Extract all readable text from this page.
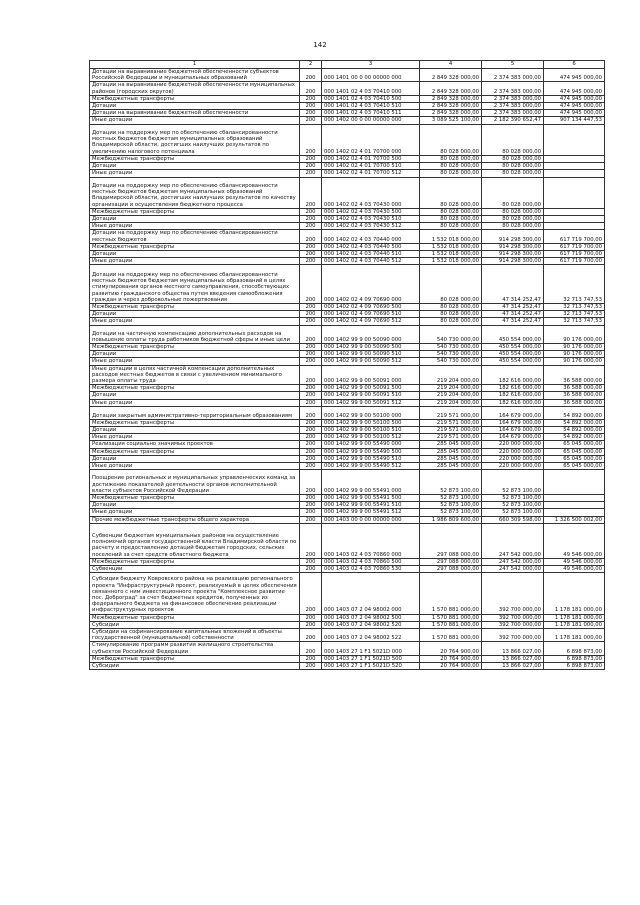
142
1	2	3	4	5	6
Дотации на выравнивание бюджетной обеспеченности субъектов Российской Федерации и муниципальных образований	200	000 1401 00 0 00 00000 000	2 849 328 000,00	2 374 383 000,00	474 945 000,00
Дотации на выравнивание бюджетной обеспеченности муниципальных районов (городских округов)	200	000 1401 02 4 03 70410 000	2 849 328 000,00	2 374 383 000,00	474 945 000,00
Межбюджетные трансферты	200	000 1401 02 4 03 70410 500	2 849 328 000,00	2 374 383 000,00	474 945 000,00
Дотации	200	000 1401 02 4 03 70410 510	2 849 328 000,00	2 374 383 000,00	474 945 000,00
Дотации на выравнивание бюджетной обеспеченности	200	000 1401 02 4 03 70410 511	2 849 328 000,00	2 374 383 000,00	474 945 000,00
Иные дотации	200	000 1402 00 0 00 00000 000	3 089 525 100,00	2 182 390 652,47	907 134 447,53
Дотации на поддержку мер по обеспечению сбалансированности местных бюджетов бюджетам муниципальных образований Владимирской области, достигших наилучших результатов по увеличению налогового потенциала	200	000 1402 02 4 01 70700 000	80 028 000,00	80 028 000,00	
Межбюджетные трансферты	200	000 1402 02 4 01 70700 500	80 028 000,00	80 028 000,00	
Дотации	200	000 1402 02 4 01 70700 510	80 028 000,00	80 028 000,00	
Иные дотации	200	000 1402 02 4 01 70700 512	80 028 000,00	80 028 000,00	
Дотации на поддержку мер по обеспечению сбалансированности местных бюджетов бюджетам муниципальных образований Владимирской области, достигших наилучших результатов по качеству организации и осуществления бюджетного процесса	200	000 1402 02 4 03 70430 000	80 028 000,00	80 028 000,00	
Межбюджетные трансферты	200	000 1402 02 4 03 70430 500	80 028 000,00	80 028 000,00	
Дотации	200	000 1402 02 4 03 70430 510	80 028 000,00	80 028 000,00	
Иные дотации	200	000 1402 02 4 03 70430 512	80 028 000,00	80 028 000,00	
Дотации на поддержку мер по обеспечению сбалансированности местных бюджетов	200	000 1402 02 4 03 70440 000	1 532 018 000,00	914 298 300,00	617 719 700,00
Межбюджетные трансферты	200	000 1402 02 4 03 70440 500	1 532 018 000,00	914 298 300,00	617 719 700,00
Дотации	200	000 1402 02 4 03 70440 510	1 532 018 000,00	914 298 300,00	617 719 700,00
Иные дотации	200	000 1402 02 4 03 70440 512	1 532 018 000,00	914 298 300,00	617 719 700,00
Дотации на поддержку мер по обеспечению сбалансированности местных бюджетов бюджетам муниципальных образований в целях стимулирования органов местного самоуправления, способствующих развитию гражданского общества путем введения самообложения граждан и через добровольные пожертвования	200	000 1402 02 4 09 70690 000	80 028 000,00	47 314 252,47	32 713 747,53
Межбюджетные трансферты	200	000 1402 02 4 09 70690 500	80 028 000,00	47 314 252,47	32 713 747,53
Дотации	200	000 1402 02 4 09 70690 510	80 028 000,00	47 314 252,47	32 713 747,53
Иные дотации	200	000 1402 02 4 09 70690 512	80 028 000,00	47 314 252,47	32 713 747,53
Дотации на частичную компенсацию дополнительных расходов на повышение оплаты труда работников бюджетной сферы и иные цели	200	000 1402 99 9 00 50090 000	540 730 000,00	450 554 000,00	90 176 000,00
Межбюджетные трансферты	200	000 1402 99 9 00 50090 500	540 730 000,00	450 554 000,00	90 176 000,00
Дотации	200	000 1402 99 9 00 50090 510	540 730 000,00	450 554 000,00	90 176 000,00
Иные дотации	200	000 1402 99 9 00 50090 512	540 730 000,00	450 554 000,00	90 176 000,00
Иные дотации в целях частичной компенсации дополнительных расходов местных бюджетов в связи с увеличением минимального размера оплаты труда	200	000 1402 99 9 00 50091 000	219 204 000,00	182 616 000,00	36 588 000,00
Межбюджетные трансферты	200	000 1402 99 9 00 50091 500	219 204 000,00	182 616 000,00	36 588 000,00
Дотации	200	000 1402 99 9 00 50091 510	219 204 000,00	182 616 000,00	36 588 000,00
Иные дотации	200	000 1402 99 9 00 50091 512	219 204 000,00	182 616 000,00	36 588 000,00
Дотации закрытым административно-территориальным образованиям	200	000 1402 99 9 00 50100 000	219 571 000,00	164 679 000,00	54 892 000,00
Межбюджетные трансферты	200	000 1402 99 9 00 50100 500	219 571 000,00	164 679 000,00	54 892 000,00
Дотации	200	000 1402 99 9 00 50100 510	219 571 000,00	164 679 000,00	54 892 000,00
Иные дотации	200	000 1402 99 9 00 50100 512	219 571 000,00	164 679 000,00	54 892 000,00
Реализация социально значимых проектов	200	000 1402 99 9 00 55490 000	285 045 000,00	220 000 000,00	65 045 000,00
Межбюджетные трансферты	200	000 1402 99 9 00 55490 500	285 045 000,00	220 000 000,00	65 045 000,00
Дотации	200	000 1402 99 9 00 55490 510	285 045 000,00	220 000 000,00	65 045 000,00
Иные дотации	200	000 1402 99 9 00 55490 512	285 045 000,00	220 000 000,00	65 045 000,00
Поощрение региональных и муниципальных управленческих команд за достижение показателей деятельности органов исполнительной власти субъектов Российской Федерации	200	000 1402 99 9 00 55491 000	52 873 100,00	52 873 100,00	
Межбюджетные трансферты	200	000 1402 99 9 00 55491 500	52 873 100,00	52 873 100,00	
Дотации	200	000 1402 99 9 00 55491 510	52 873 100,00	52 873 100,00	
Иные дотации	200	000 1402 99 9 00 55491 512	52 873 100,00	52 873 100,00	
Прочие межбюджетные трансферты общего характера	200	000 1403 00 0 00 00000 000	1 986 809 600,00	660 309 598,00	1 326 500 002,00
Субвенции бюджетам муниципальных районов на осуществление полномочий органов государственной власти Владимирской области по расчету и предоставлению дотаций бюджетам городских, сельских поселений за счет средств областного бюджета	200	000 1403 02 4 03 70860 000	297 088 000,00	247 542 000,00	49 546 000,00
Межбюджетные трансферты	200	000 1403 02 4 03 70860 500	297 088 000,00	247 542 000,00	49 546 000,00
Субвенции	200	000 1403 02 4 03 70860 530	297 088 000,00	247 542 000,00	49 546 000,00
Субсидия бюджету Ковровского района на реализацию регионального проекта "Инфраструктурный проект, реализуемый в целях обеспечения связанного с ним инвестиционного проекта "Комплексное развитие пос. Доброград" за счет бюджетных кредитов, полученных из федерального бюджета на финансовое обеспечение реализации инфраструктурных проектов	200	000 1403 07 2 04 98002 000	1 570 881 000,00	392 700 000,00	1 178 181 000,00
Межбюджетные трансферты	200	000 1403 07 2 04 98002 500	1 570 881 000,00	392 700 000,00	1 178 181 000,00
Субсидии	200	000 1403 07 2 04 98002 520	1 570 881 000,00	392 700 000,00	1 178 181 000,00
Субсидии на софинансирование капитальных вложений в объекты государственной (муниципальной) собственности	200	000 1403 07 2 04 98002 522	1 570 881 000,00	392 700 000,00	1 178 181 000,00
Стимулирование программ развития жилищного строительства субъектов Российской Федерации	200	000 1403 27 1 F1 5021D 000	20 764 900,00	13 866 027,00	6 898 873,00
Межбюджетные трансферты	200	000 1403 27 1 F1 5021D 500	20 764 900,00	13 866 027,00	6 898 873,00
Субсидии	200	000 1403 27 1 F1 5021D 520	20 764 900,00	13 866 027,00	6 898 873,00
